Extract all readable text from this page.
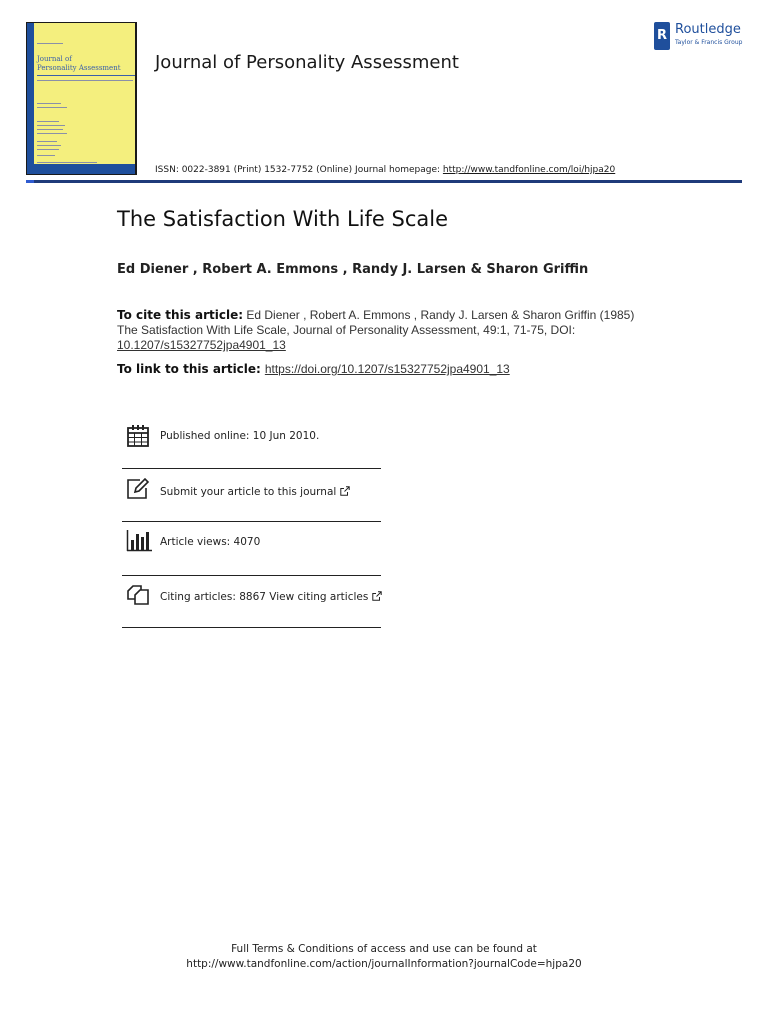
Journal of
Personality Assessment	Journal of Personality Assessment
R Routledge
Taylor & Francis Group
ISSN: 0022-3891 (Print) 1532-7752 (Online) Journal homepage: http://www.tandfonline.com/loi/hjpa20
The Satisfaction With Life Scale
Ed Diener , Robert A. Emmons , Randy J. Larsen & Sharon Griffin
To cite this article: Ed Diener , Robert A. Emmons , Randy J. Larsen & Sharon Griffin (1985) The Satisfaction With Life Scale, Journal of Personality Assessment, 49:1, 71-75, DOI: 10.1207/s15327752jpa4901_13
To link to this article: https://doi.org/10.1207/s15327752jpa4901_13
Published online: 10 Jun 2010.
Submit your article to this journal
Article views: 4070
Citing articles: 8867 View citing articles
Full Terms & Conditions of access and use can be found at
http://www.tandfonline.com/action/journalInformation?journalCode=hjpa20
